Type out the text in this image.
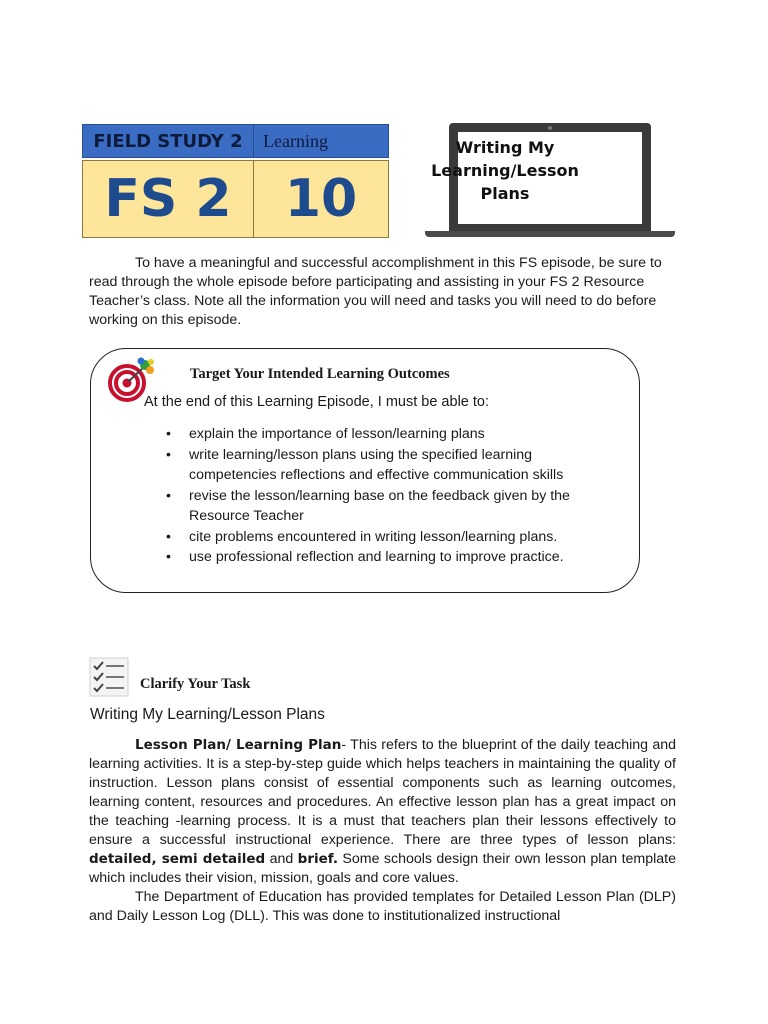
FIELD STUDY 2	Learning
FS 2	10
Writing My
Learning/Lesson
Plans

To have a meaningful and successful accomplishment in this FS episode, be sure to read through the whole episode before participating and assisting in your FS 2 Resource Teacher’s class. Note all the information you will need and tasks you will need to do before working on this episode.

Target Your Intended Learning Outcomes
At the end of this Learning Episode, I must be able to:
• explain the importance of lesson/learning plans
• write learning/lesson plans using the specified learning competencies reflections and effective communication skills
• revise the lesson/learning base on the feedback given by the Resource Teacher
• cite problems encountered in writing lesson/learning plans.
• use professional reflection and learning to improve practice.
Clarify Your Task
Writing My Learning/Lesson Plans

Lesson Plan/ Learning Plan- This refers to the blueprint of the daily teaching and learning activities. It is a step-by-step guide which helps teachers in maintaining the quality of instruction. Lesson plans consist of essential components such as learning outcomes, learning content, resources and procedures. An effective lesson plan has a great impact on the teaching -learning process. It is a must that teachers plan their lessons effectively to ensure a successful instructional experience. There are three types of lesson plans: detailed, semi detailed and brief. Some schools design their own lesson plan template which includes their vision, mission, goals and core values.
The Department of Education has provided templates for Detailed Lesson Plan (DLP) and Daily Lesson Log (DLL). This was done to institutionalized instructional
